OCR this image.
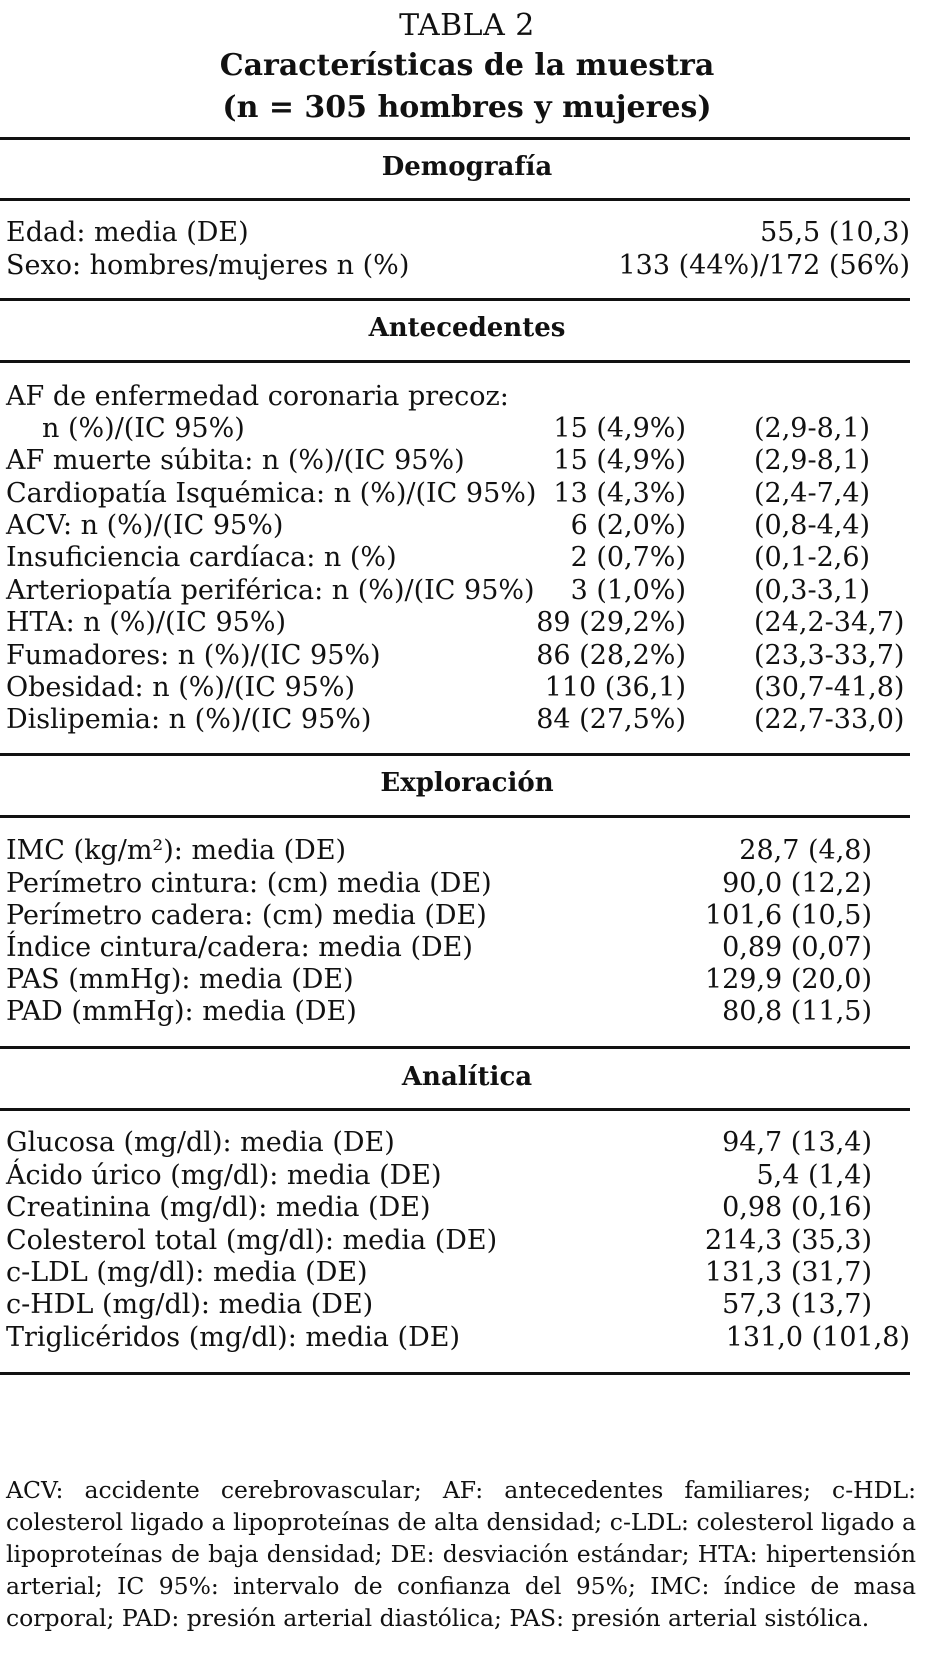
TABLA 2
Características de la muestra
(n = 305 hombres y mujeres)
Demografía
Edad: media (DE)	55,5 (10,3)
Sexo: hombres/mujeres n (%)	133 (44%)/172 (56%)
Antecedentes
AF de enfermedad coronaria precoz:
n (%)/(IC 95%)	15 (4,9%)	(2,9-8,1)
AF muerte súbita: n (%)/(IC 95%)	15 (4,9%)	(2,9-8,1)
Cardiopatía Isquémica: n (%)/(IC 95%) 13 (4,3%)	(2,4-7,4)
ACV: n (%)/(IC 95%)	6 (2,0%)	(0,8-4,4)
Insuficiencia cardíaca: n (%)	2 (0,7%)	(0,1-2,6)
Arteriopatía periférica: n (%)/(IC 95%) 3 (1,0%)	(0,3-3,1)
HTA: n (%)/(IC 95%)	89 (29,2%)	(24,2-34,7)
Fumadores: n (%)/(IC 95%)	86 (28,2%)	(23,3-33,7)
Obesidad: n (%)/(IC 95%)	110 (36,1)	(30,7-41,8)
Dislipemia: n (%)/(IC 95%)	84 (27,5%)	(22,7-33,0)
Exploración
IMC (kg/m²): media (DE)	28,7 (4,8)
Perímetro cintura: (cm) media (DE)	90,0 (12,2)
Perímetro cadera: (cm) media (DE)	101,6 (10,5)
Índice cintura/cadera: media (DE)	0,89 (0,07)
PAS (mmHg): media (DE)	129,9 (20,0)
PAD (mmHg): media (DE)	80,8 (11,5)
Analítica
Glucosa (mg/dl): media (DE)	94,7 (13,4)
Ácido úrico (mg/dl): media (DE)	5,4 (1,4)
Creatinina (mg/dl): media (DE)	0,98 (0,16)
Colesterol total (mg/dl): media (DE)	214,3 (35,3)
c-LDL (mg/dl): media (DE)	131,3 (31,7)
c-HDL (mg/dl): media (DE)	57,3 (13,7)
Triglicéridos (mg/dl): media (DE)	131,0 (101,8)
ACV: accidente cerebrovascular; AF: antecedentes familiares; c-HDL: colesterol ligado a lipoproteínas de alta densidad; c-LDL: colesterol ligado a lipoproteínas de baja densidad; DE: desviación estándar; HTA: hipertensión arterial; IC 95%: intervalo de confianza del 95%; IMC: índice de masa corporal; PAD: presión arterial diastólica; PAS: presión arterial sistólica.
